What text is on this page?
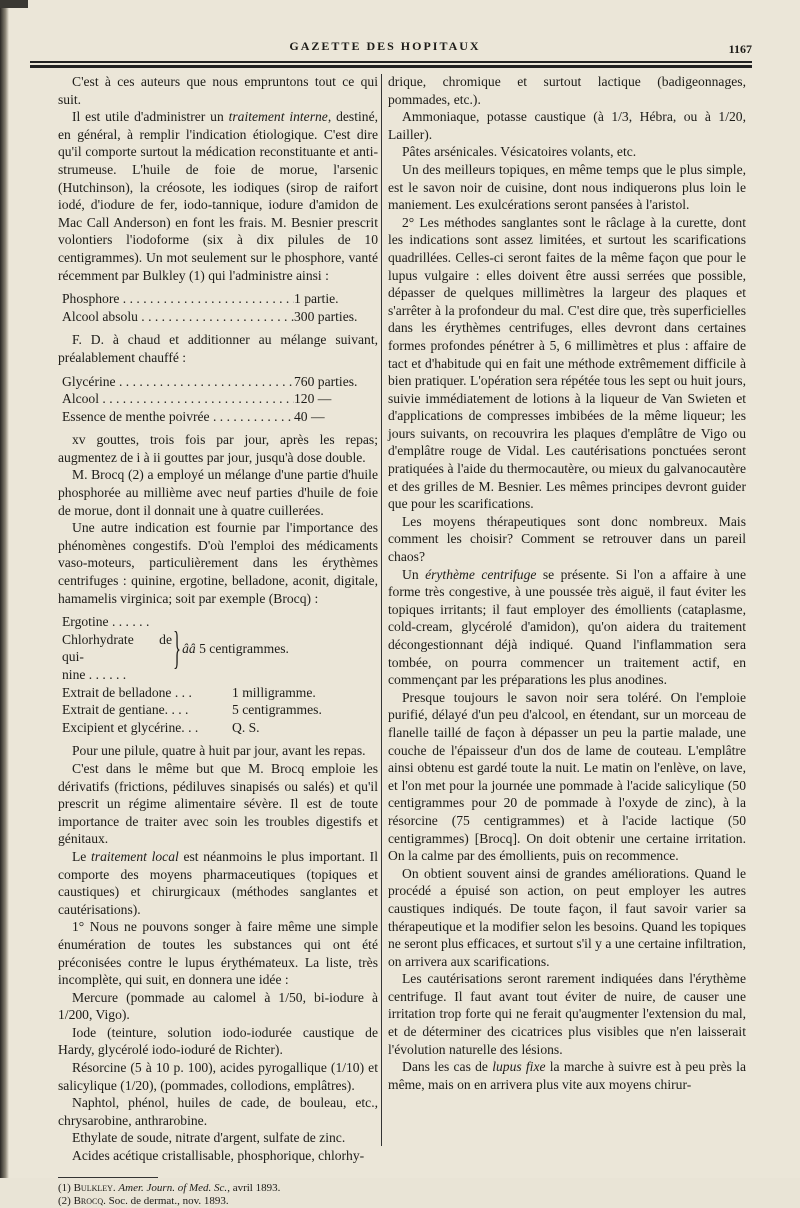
GAZETTE DES HOPITAUX	1167

C'est à ces auteurs que nous empruntons tout ce qui suit.

Il est utile d'administrer un traitement interne, destiné, en général, à remplir l'indication étiologique. C'est dire qu'il comporte surtout la médication reconstituante et anti-strumeuse. L'huile de foie de morue, l'arsenic (Hutchinson), la créosote, les iodiques (sirop de raifort iodé, d'iodure de fer, iodo-tannique, iodure d'amidon de Mac Call Anderson) en font les frais. M. Besnier prescrit volontiers l'iodoforme (six à dix pilules de 10 centigrammes). Un mot seulement sur le phosphore, vanté récemment par Bulkley (1) qui l'administre ainsi :

Phosphore . . .	1 partie.
Alcool absolu . . .	300 parties.

F. D. à chaud et additionner au mélange suivant, préalablement chauffé :

Glycérine . . .	760 parties.
Alcool . . .	120 —
Essence de menthe poivrée . . .	40 —

xv gouttes, trois fois par jour, après les repas; augmentez de i à ii gouttes par jour, jusqu'à dose double.

M. Brocq (2) a employé un mélange d'une partie d'huile phosphorée au millième avec neuf parties d'huile de foie de morue, dont il donnait une à quatre cuillerées.

Une autre indication est fournie par l'importance des phénomènes congestifs. D'où l'emploi des médicaments vaso-moteurs, particulièrement dans les érythèmes centrifuges : quinine, ergotine, belladone, aconit, digitale, hamamelis virginica; soit par exemple (Brocq) :

Ergotine . . . . . .
Chlorhydrate de qui-
nine . . . . . .
} ââ 5 centigrammes.
Extrait de belladone . . .	1 milligramme.
Extrait de gentiane. . . .	5 centigrammes.
Excipient et glycérine. . .	Q. S.

Pour une pilule, quatre à huit par jour, avant les repas.

C'est dans le même but que M. Brocq emploie les dérivatifs (frictions, pédiluves sinapisés ou salés) et qu'il prescrit un régime alimentaire sévère. Il est de toute importance de traiter avec soin les troubles digestifs et génitaux.

Le traitement local est néanmoins le plus important. Il comporte des moyens pharmaceutiques (topiques et caustiques) et chirurgicaux (méthodes sanglantes et cautérisations).

1° Nous ne pouvons songer à faire même une simple énumération de toutes les substances qui ont été préconisées contre le lupus érythémateux. La liste, très incomplète, qui suit, en donnera une idée :

Mercure (pommade au calomel à 1/50, bi-iodure à 1/200, Vigo).

Iode (teinture, solution iodo-iodurée caustique de Hardy, glycérolé iodo-ioduré de Richter).

Résorcine (5 à 10 p. 100), acides pyrogallique (1/10) et salicylique (1/20), (pommades, collodions, emplâtres).

Naphtol, phénol, huiles de cade, de bouleau, etc., chrysarobine, anthrarobine.

Ethylate de soude, nitrate d'argent, sulfate de zinc.

Acides acétique cristallisable, phosphorique, chlorhy-

(1) Bulkley. Amer. Journ. of Med. Sc., avril 1893.

(2) Brocq. Soc. de dermat., nov. 1893.

drique, chromique et surtout lactique (badigeonnages, pommades, etc.).

Ammoniaque, potasse caustique (à 1/3, Hébra, ou à 1/20, Lailler).

Pâtes arsénicales. Vésicatoires volants, etc.

Un des meilleurs topiques, en même temps que le plus simple, est le savon noir de cuisine, dont nous indiquerons plus loin le maniement. Les exulcérations seront pansées à l'aristol.

2° Les méthodes sanglantes sont le râclage à la curette, dont les indications sont assez limitées, et surtout les scarifications quadrillées. Celles-ci seront faites de la même façon que pour le lupus vulgaire : elles doivent être aussi serrées que possible, dépasser de quelques millimètres la largeur des plaques et s'arrêter à la profondeur du mal. C'est dire que, très superficielles dans les érythèmes centrifuges, elles devront dans certaines formes profondes pénétrer à 5, 6 millimètres et plus : affaire de tact et d'habitude qui en fait une méthode extrêmement difficile à bien pratiquer. L'opération sera répétée tous les sept ou huit jours, suivie immédiatement de lotions à la liqueur de Van Swieten et d'applications de compresses imbibées de la même liqueur; les jours suivants, on recouvrira les plaques d'emplâtre de Vigo ou d'emplâtre rouge de Vidal. Les cautérisations ponctuées seront pratiquées à l'aide du thermocautère, ou mieux du galvanocautère et des grilles de M. Besnier. Les mêmes principes devront guider que pour les scarifications.

Les moyens thérapeutiques sont donc nombreux. Mais comment les choisir? Comment se retrouver dans un pareil chaos?

Un érythème centrifuge se présente. Si l'on a affaire à une forme très congestive, à une poussée très aiguë, il faut éviter les topiques irritants; il faut employer des émollients (cataplasme, cold-cream, glycérolé d'amidon), qu'on aidera du traitement décongestionnant déjà indiqué. Quand l'inflammation sera tombée, on pourra commencer un traitement actif, en commençant par les préparations les plus anodines.

Presque toujours le savon noir sera toléré. On l'emploie purifié, délayé d'un peu d'alcool, en étendant, sur un morceau de flanelle taillé de façon à dépasser un peu la partie malade, une couche de l'épaisseur d'un dos de lame de couteau. L'emplâtre ainsi obtenu est gardé toute la nuit. Le matin on l'enlève, on lave, et l'on met pour la journée une pommade à l'acide salicylique (50 centigrammes pour 20 de pommade à l'oxyde de zinc), à la résorcine (75 centigrammes) et à l'acide lactique (50 centigrammes) [Brocq]. On doit obtenir une certaine irritation. On la calme par des émollients, puis on recommence.

On obtient souvent ainsi de grandes améliorations. Quand le procédé a épuisé son action, on peut employer les autres caustiques indiqués. De toute façon, il faut savoir varier sa thérapeutique et la modifier selon les besoins. Quand les topiques ne seront plus efficaces, et surtout s'il y a une certaine infiltration, on arrivera aux scarifications.

Les cautérisations seront rarement indiquées dans l'érythème centrifuge. Il faut avant tout éviter de nuire, de causer une irritation trop forte qui ne ferait qu'augmenter l'extension du mal, et de déterminer des cicatrices plus visibles que n'en laisserait l'évolution naturelle des lésions.

Dans les cas de lupus fixe la marche à suivre est à peu près la même, mais on en arrivera plus vite aux moyens chirur-
